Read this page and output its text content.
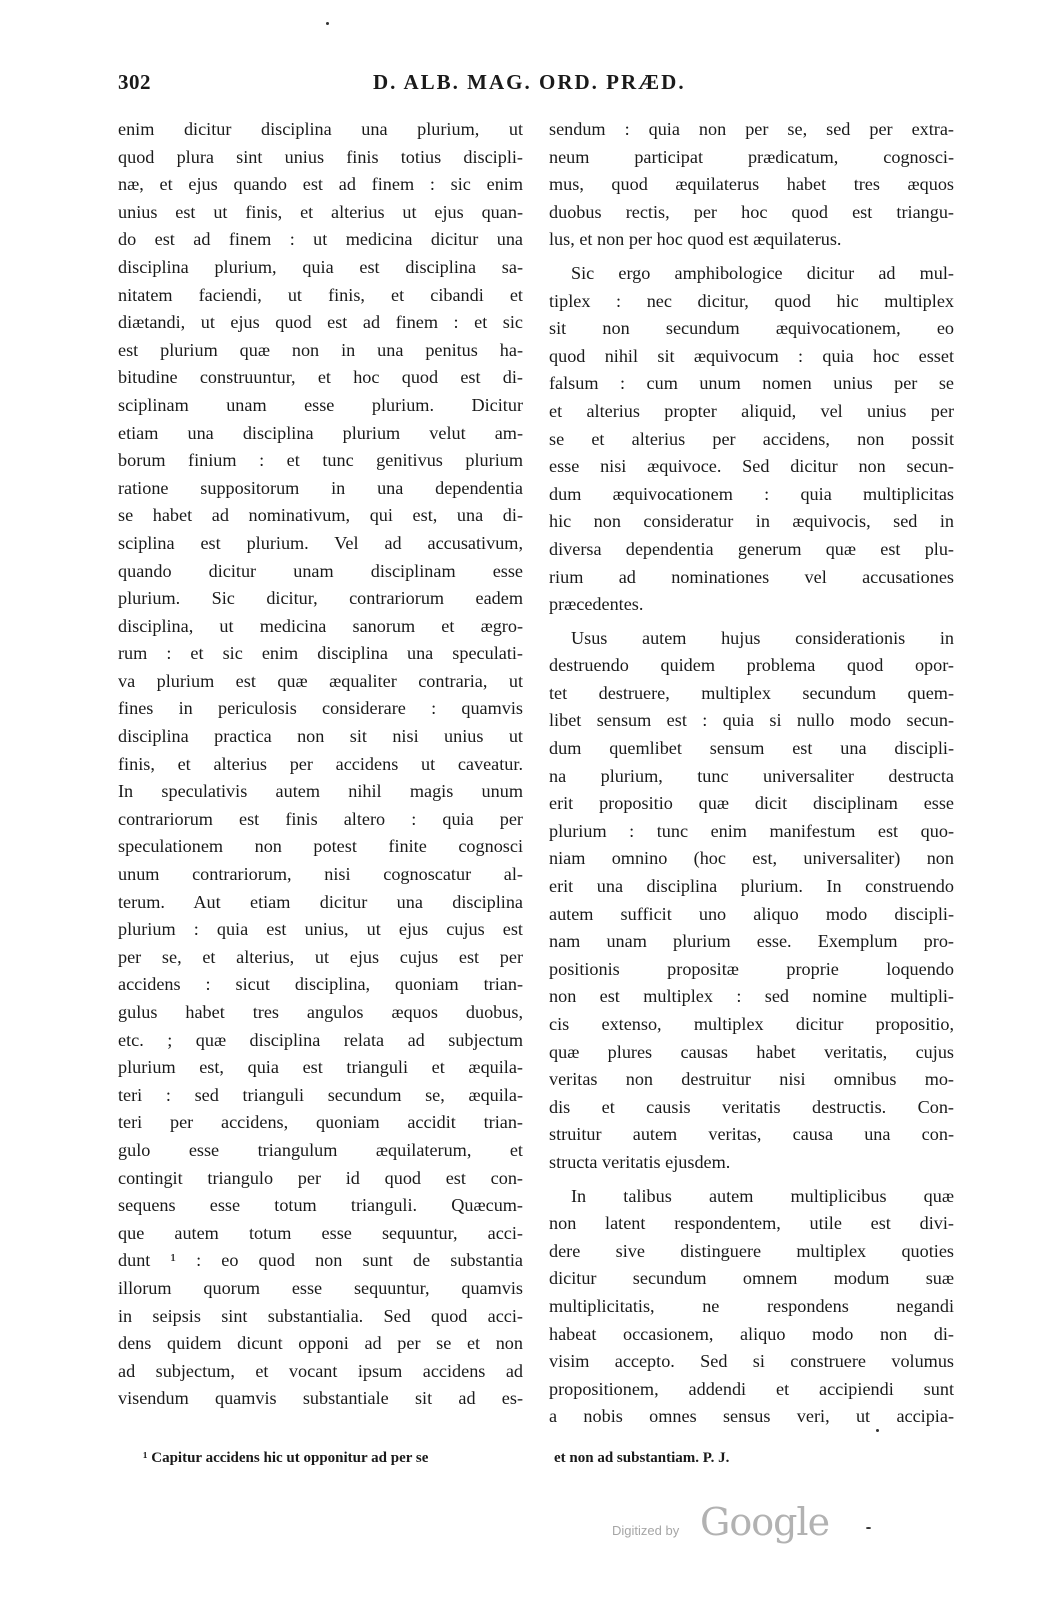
302	D. ALB. MAG. ORD. PRÆD.
enim dicitur disciplina una plurium, ut
quod plura sint unius finis totius discipli-
næ, et ejus quando est ad finem : sic enim
unius est ut finis, et alterius ut ejus quan-
do est ad finem : ut medicina dicitur una
disciplina plurium, quia est disciplina sa-
nitatem faciendi, ut finis, et cibandi et
diætandi, ut ejus quod est ad finem : et sic
est plurium quæ non in una penitus ha-
bitudine construuntur, et hoc quod est di-
sciplinam unam esse plurium. Dicitur
etiam una disciplina plurium velut am-
borum finium : et tunc genitivus plurium
ratione suppositorum in una dependentia
se habet ad nominativum, qui est, una di-
sciplina est plurium. Vel ad accusativum,
quando dicitur unam disciplinam esse
plurium. Sic dicitur, contrariorum eadem
disciplina, ut medicina sanorum et ægro-
rum : et sic enim disciplina una speculati-
va plurium est quæ æqualiter contraria, ut
fines in periculosis considerare : quamvis
disciplina practica non sit nisi unius ut
finis, et alterius per accidens ut caveatur.
In speculativis autem nihil magis unum
contrariorum est finis altero : quia per
speculationem non potest finite cognosci
unum contrariorum, nisi cognoscatur al-
terum. Aut etiam dicitur una disciplina
plurium : quia est unius, ut ejus cujus est
per se, et alterius, ut ejus cujus est per
accidens : sicut disciplina, quoniam trian-
gulus habet tres angulos æquos duobus,
etc. ; quæ disciplina relata ad subjectum
plurium est, quia est trianguli et æquila-
teri : sed trianguli secundum se, æquila-
teri per accidens, quoniam accidit trian-
gulo esse triangulum æquilaterum, et
contingit triangulo per id quod est con-
sequens esse totum trianguli. Quæcum-
que autem totum esse sequuntur, acci-
dunt ¹ : eo quod non sunt de substantia
illorum quorum esse sequuntur, quamvis
in seipsis sint substantialia. Sed quod acci-
dens quidem dicunt opponi ad per se et non
ad subjectum, et vocant ipsum accidens ad
visendum quamvis substantiale sit ad es-
sendum : quia non per se, sed per extra-
neum participat prædicatum, cognosci-
mus, quod æquilaterus habet tres æquos
duobus rectis, per hoc quod est triangu-
lus, et non per hoc quod est æquilaterus.
Sic ergo amphibologice dicitur ad mul-
tiplex : nec dicitur, quod hic multiplex
sit non secundum æquivocationem, eo
quod nihil sit æquivocum : quia hoc esset
falsum : cum unum nomen unius per se
et alterius propter aliquid, vel unius per
se et alterius per accidens, non possit
esse nisi æquivoce. Sed dicitur non secun-
dum æquivocationem : quia multiplicitas
hic non consideratur in æquivocis, sed in
diversa dependentia generum quæ est plu-
rium ad nominationes vel accusationes
præcedentes.
Usus autem hujus considerationis in
destruendo quidem problema quod opor-
tet destruere, multiplex secundum quem-
libet sensum est : quia si nullo modo secun-
dum quemlibet sensum est una discipli-
na plurium, tunc universaliter destructa
erit propositio quæ dicit disciplinam esse
plurium : tunc enim manifestum est quo-
niam omnino (hoc est, universaliter) non
erit una disciplina plurium. In construendo
autem sufficit uno aliquo modo discipli-
nam unam plurium esse. Exemplum pro-
positionis propositæ proprie loquendo
non est multiplex : sed nomine multipli-
cis extenso, multiplex dicitur propositio,
quæ plures causas habet veritatis, cujus
veritas non destruitur nisi omnibus mo-
dis et causis veritatis destructis. Con-
struitur autem veritas, causa una con-
structa veritatis ejusdem.
In talibus autem multiplicibus quæ
non latent respondentem, utile est divi-
dere sive distinguere multiplex quoties
dicitur secundum omnem modum suæ
multiplicitatis, ne respondens negandi
habeat occasionem, aliquo modo non di-
visim accepto. Sed si construere volumus
propositionem, addendi et accipiendi sunt
a nobis omnes sensus veri, ut accipia-
¹ Capitur accidens hic ut opponitur ad per se	et non ad substantiam. P. J.
Digitized by Google
